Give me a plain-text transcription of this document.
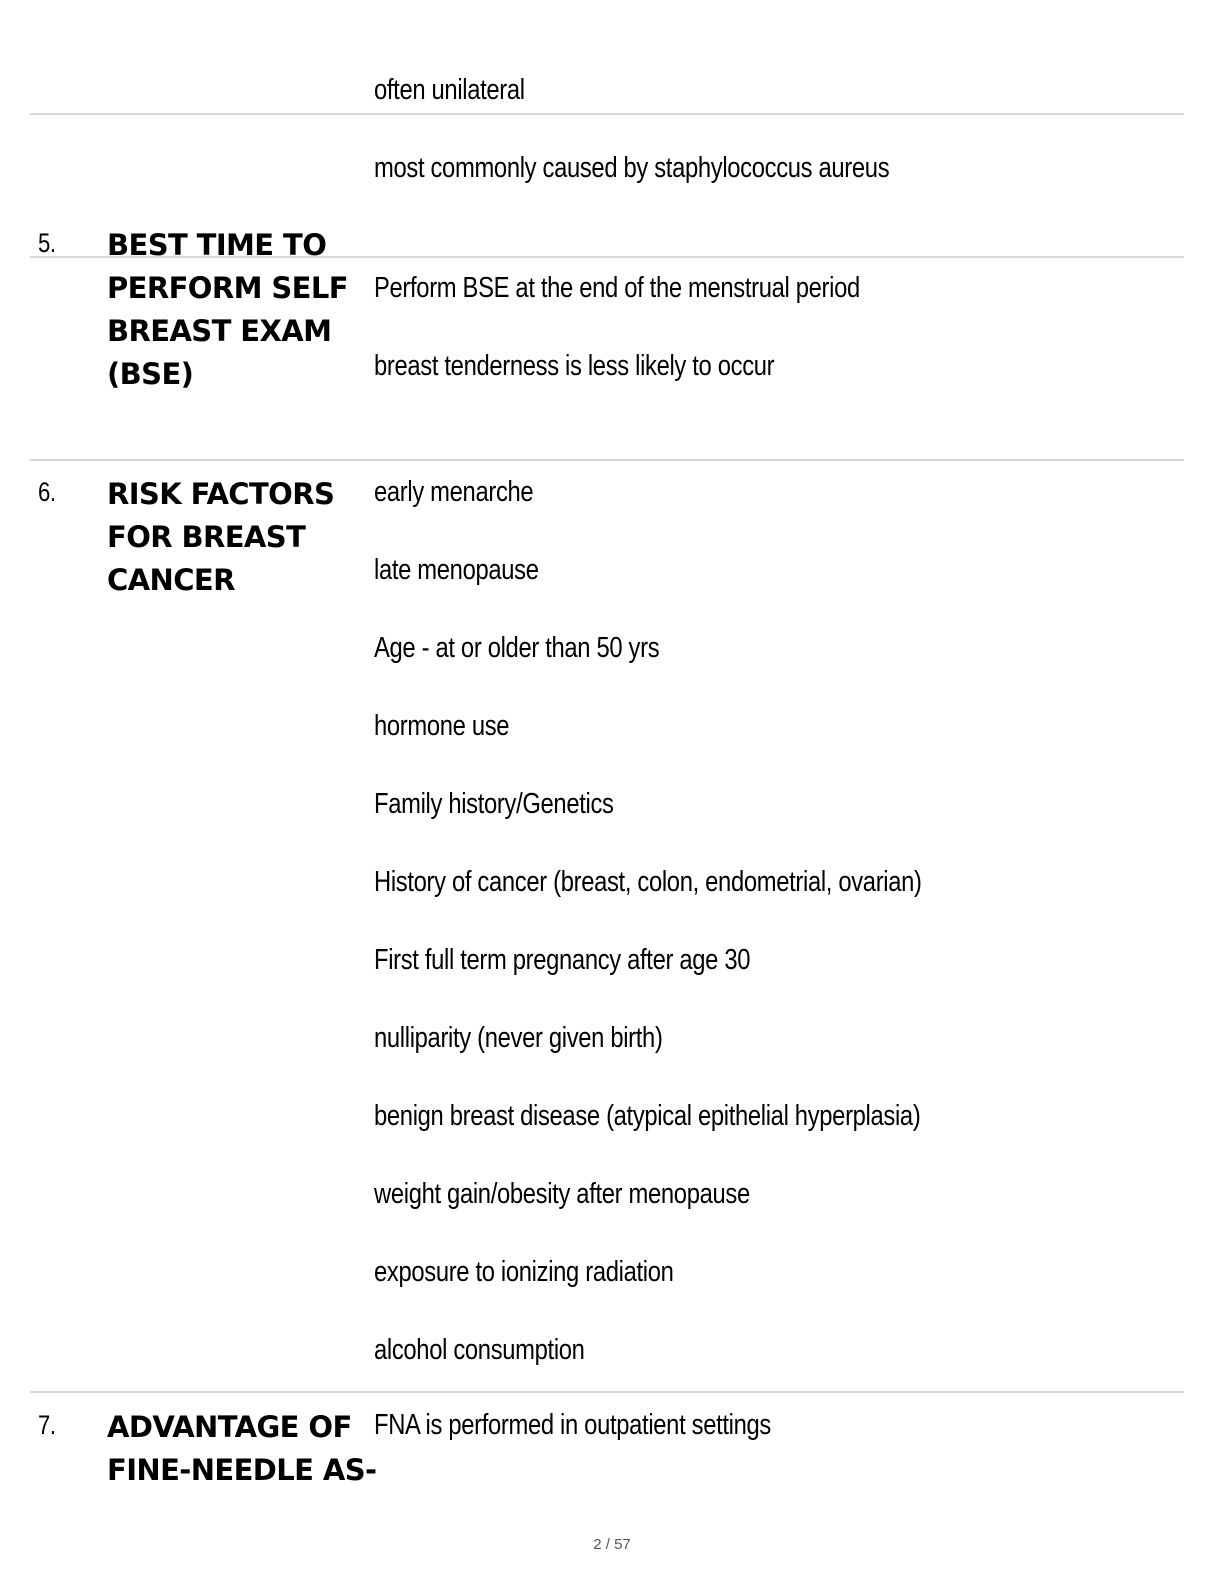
often unilateral
most commonly caused by staphylococcus aureus
5. BEST TIME TO PERFORM SELF BREAST EXAM (BSE)
Perform BSE at the end of the menstrual period
breast tenderness is less likely to occur
6. RISK FACTORS FOR BREAST CANCER
early menarche
late menopause
Age - at or older than 50 yrs
hormone use
Family history/Genetics
History of cancer (breast, colon, endometrial, ovarian)
First full term pregnancy after age 30
nulliparity (never given birth)
benign breast disease (atypical epithelial hyperplasia)
weight gain/obesity after menopause
exposure to ionizing radiation
alcohol consumption
7. ADVANTAGE OF FINE-NEEDLE AS-
FNA is performed in outpatient settings
2 / 57
